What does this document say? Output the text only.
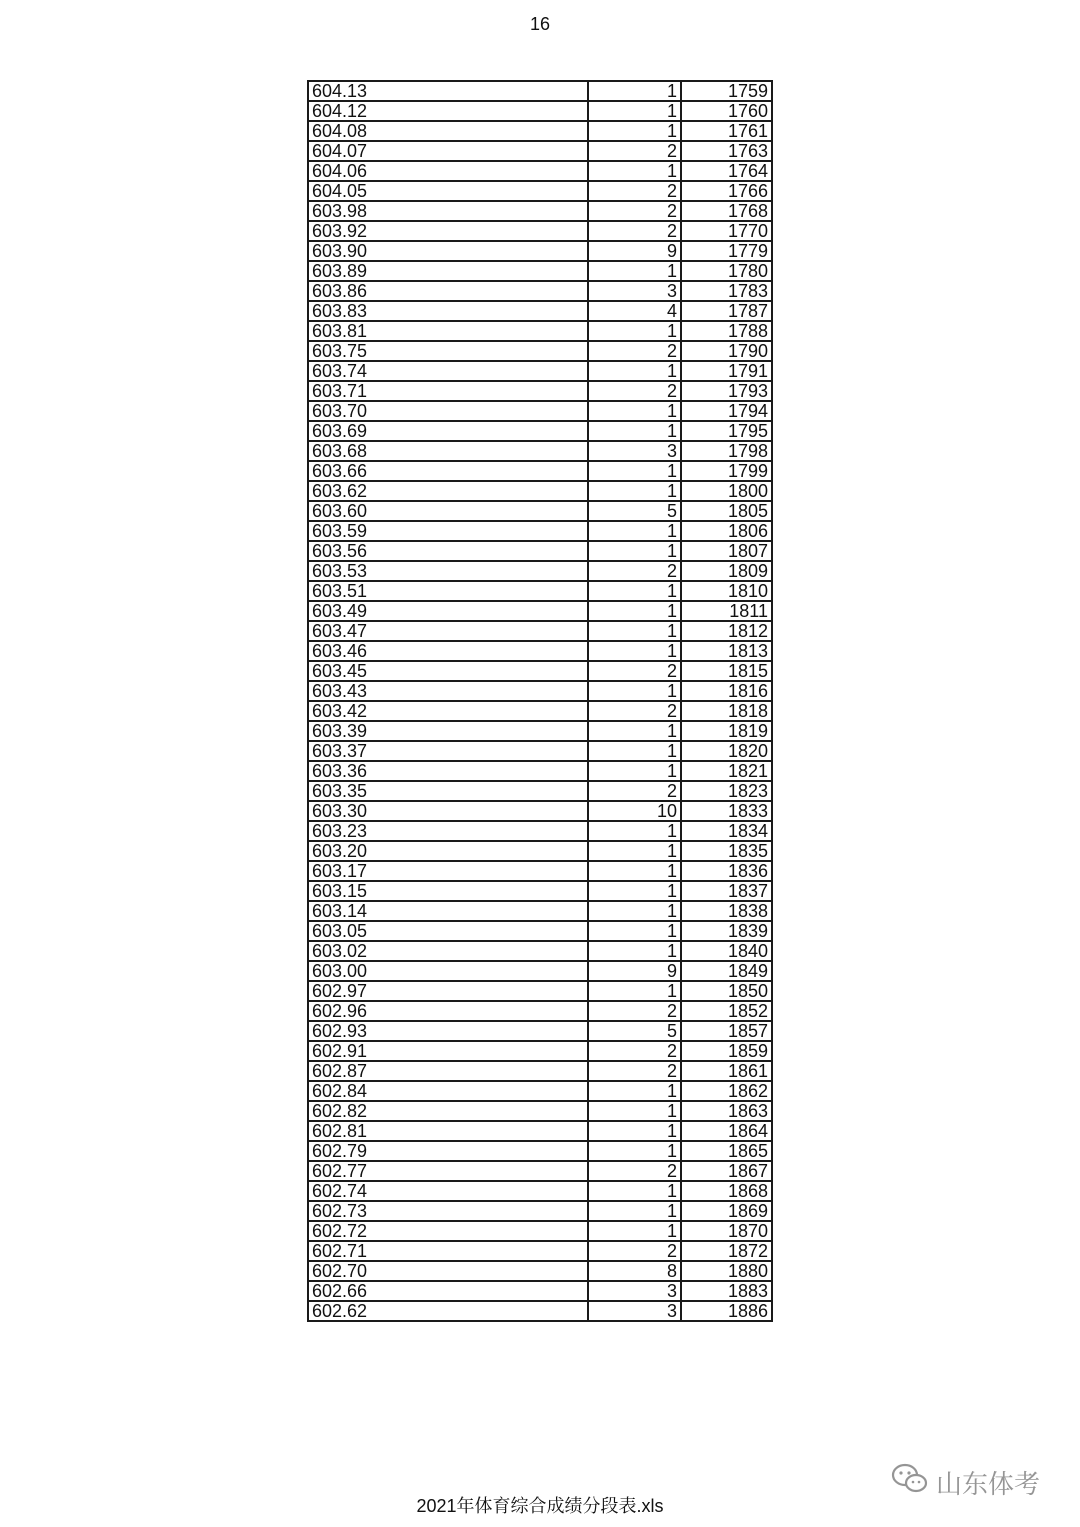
16
604.13	1	1759
604.12	1	1760
604.08	1	1761
604.07	2	1763
604.06	1	1764
604.05	2	1766
603.98	2	1768
603.92	2	1770
603.90	9	1779
603.89	1	1780
603.86	3	1783
603.83	4	1787
603.81	1	1788
603.75	2	1790
603.74	1	1791
603.71	2	1793
603.70	1	1794
603.69	1	1795
603.68	3	1798
603.66	1	1799
603.62	1	1800
603.60	5	1805
603.59	1	1806
603.56	1	1807
603.53	2	1809
603.51	1	1810
603.49	1	1811
603.47	1	1812
603.46	1	1813
603.45	2	1815
603.43	1	1816
603.42	2	1818
603.39	1	1819
603.37	1	1820
603.36	1	1821
603.35	2	1823
603.30	10	1833
603.23	1	1834
603.20	1	1835
603.17	1	1836
603.15	1	1837
603.14	1	1838
603.05	1	1839
603.02	1	1840
603.00	9	1849
602.97	1	1850
602.96	2	1852
602.93	5	1857
602.91	2	1859
602.87	2	1861
602.84	1	1862
602.82	1	1863
602.81	1	1864
602.79	1	1865
602.77	2	1867
602.74	1	1868
602.73	1	1869
602.72	1	1870
602.71	2	1872
602.70	8	1880
602.66	3	1883
602.62	3	1886
2021年体育综合成绩分段表.xls
山东体考
